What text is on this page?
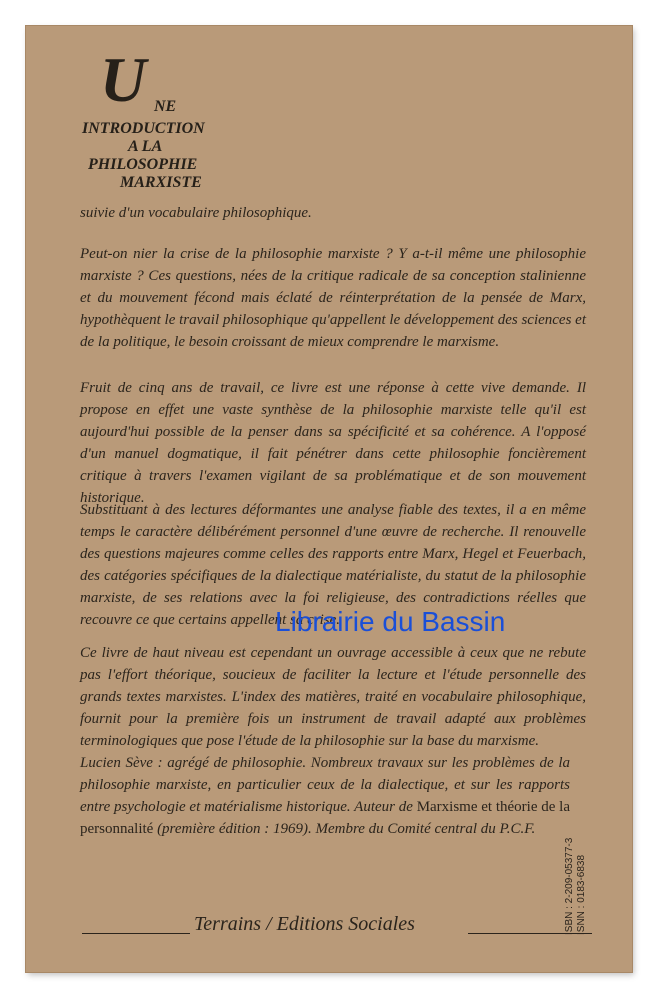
U NE
INTRODUCTION
A LA
PHILOSOPHIE
MARXISTE
suivie d'un vocabulaire philosophique.

Peut-on nier la crise de la philosophie marxiste ? Y a-t-il même une philosophie marxiste ? Ces questions, nées de la critique radicale de sa conception stalinienne et du mouvement fécond mais éclaté de réinterprétation de la pensée de Marx, hypothèquent le travail philosophique qu'appellent le développement des sciences et de la politique, le besoin croissant de mieux comprendre le marxisme.

Fruit de cinq ans de travail, ce livre est une réponse à cette vive demande. Il propose en effet une vaste synthèse de la philosophie marxiste telle qu'il est aujourd'hui possible de la penser dans sa spécificité et sa cohérence. A l'opposé d'un manuel dogmatique, il fait pénétrer dans cette philosophie foncièrement critique à travers l'examen vigilant de sa problématique et de son mouvement historique.

Substituant à des lectures déformantes une analyse fiable des textes, il a en même temps le caractère délibérément personnel d'une œuvre de recherche. Il renouvelle des questions majeures comme celles des rapports entre Marx, Hegel et Feuerbach, des catégories spécifiques de la dialectique matérialiste, du statut de la philosophie marxiste, de ses relations avec la foi religieuse, des contradictions réelles que recouvre ce que certains appellent sa crise.

Ce livre de haut niveau est cependant un ouvrage accessible à ceux que ne rebute pas l'effort théorique, soucieux de faciliter la lecture et l'étude personnelle des grands textes marxistes. L'index des matières, traité en vocabulaire philosophique, fournit pour la première fois un instrument de travail adapté aux problèmes terminologiques que pose l'étude de la philosophie sur la base du marxisme.

Lucien Sève : agrégé de philosophie. Nombreux travaux sur les problèmes de la philosophie marxiste, en particulier ceux de la dialectique, et sur les rapports entre psychologie et matérialisme historique. Auteur de Marxisme et théorie de la personnalité (première édition : 1969). Membre du Comité central du P.C.F.

Librairie du Bassin
ISBN : 2-209-05377-3 ISNN : 0183-6838
Terrains / Editions Sociales
